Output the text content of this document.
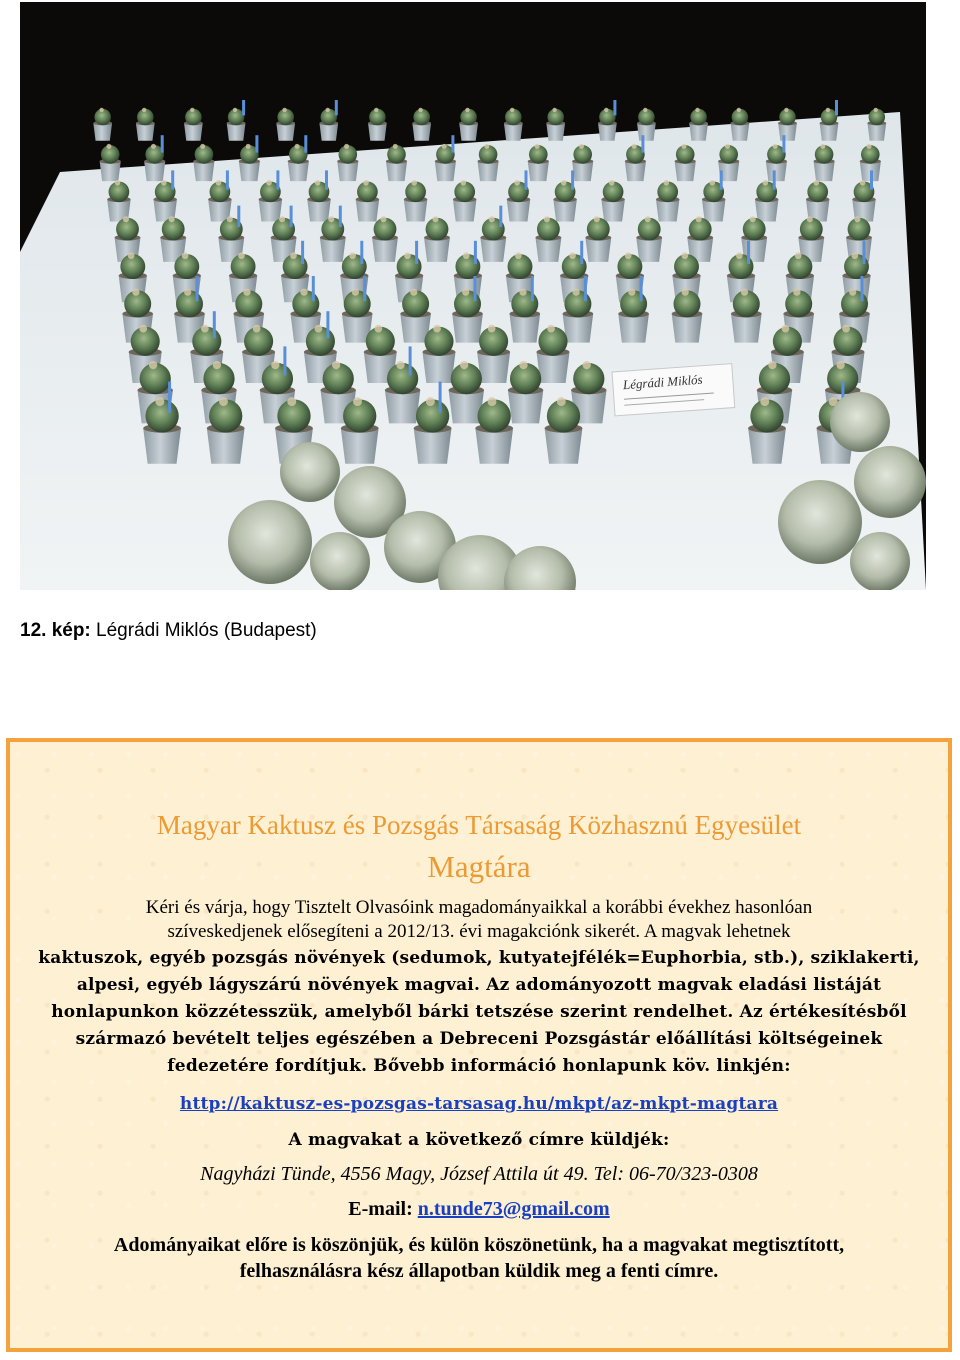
Légrádi Miklós
12. kép: Légrádi Miklós (Budapest)
Magyar Kaktusz és Pozsgás Társaság Közhasznú Egyesület
Magtára
Kéri és várja, hogy Tisztelt Olvasóink magadományaikkal a korábbi évekhez hasonlóan
szíveskedjenek elősegíteni a 2012/13. évi magakciónk sikerét. A magvak lehetnek
kaktuszok, egyéb pozsgás növények (sedumok, kutyatejfélék=Euphorbia, stb.), sziklakerti,
alpesi, egyéb lágyszárú növények magvai. Az adományozott magvak eladási listáját
honlapunkon közzétesszük, amelyből bárki tetszése szerint rendelhet. Az értékesítésből
származó bevételt teljes egészében a Debreceni Pozsgástár előállítási költségeinek
fedezetére fordítjuk. Bővebb információ honlapunk köv. linkjén:
http://kaktusz-es-pozsgas-tarsasag.hu/mkpt/az-mkpt-magtara
A magvakat a következő címre küldjék:
Nagyházi Tünde, 4556 Magy, József Attila út 49. Tel: 06-70/323-0308
E-mail: n.tunde73@gmail.com
Adományaikat előre is köszönjük, és külön köszönetünk, ha a magvakat megtisztított,
felhasználásra kész állapotban küldik meg a fenti címre.
